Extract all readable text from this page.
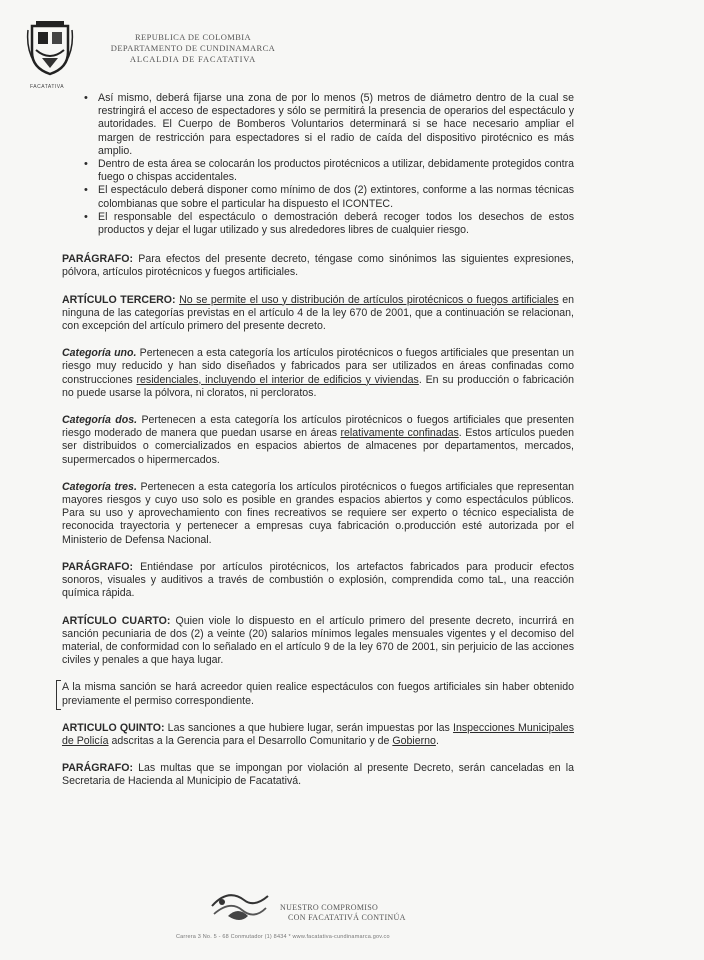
FACATATIVA
REPUBLICA DE COLOMBIA
DEPARTAMENTO DE CUNDINAMARCA
ALCALDIA DE FACATATIVA
• Así mismo, deberá fijarse una zona de por lo menos (5) metros de diámetro dentro de la cual se restringirá el acceso de espectadores y sólo se permitirá la presencia de operarios del espectáculo y autoridades. El Cuerpo de Bomberos Voluntarios determinará si se hace necesario ampliar el margen de restricción para espectadores si el radio de caída del dispositivo pirotécnico es más amplio.
• Dentro de esta área se colocarán los productos pirotécnicos a utilizar, debidamente protegidos contra fuego o chispas accidentales.
• El espectáculo deberá disponer como mínimo de dos (2) extintores, conforme a las normas técnicas colombianas que sobre el particular ha dispuesto el ICONTEC.
• El responsable del espectáculo o demostración deberá recoger todos los desechos de estos productos y dejar el lugar utilizado y sus alrededores libres de cualquier riesgo.

PARÁGRAFO: Para efectos del presente decreto, téngase como sinónimos las siguientes expresiones, pólvora, artículos pirotécnicos y fuegos artificiales.

ARTÍCULO TERCERO: No se permite el uso y distribución de artículos pirotécnicos o fuegos artificiales en ninguna de las categorías previstas en el artículo 4 de la ley 670 de 2001, que a continuación se relacionan, con excepción del artículo primero del presente decreto.

Categoría uno. Pertenecen a esta categoría los artículos pirotécnicos o fuegos artificiales que presentan un riesgo muy reducido y han sido diseñados y fabricados para ser utilizados en áreas confinadas como construcciones residenciales, incluyendo el interior de edificios y viviendas. En su producción o fabricación no puede usarse la pólvora, ni cloratos, ni percloratos.

Categoría dos. Pertenecen a esta categoría los artículos pirotécnicos o fuegos artificiales que presenten riesgo moderado de manera que puedan usarse en áreas relativamente confinadas. Estos artículos pueden ser distribuidos o comercializados en espacios abiertos de almacenes por departamentos, mercados, supermercados o hipermercados.

Categoría tres. Pertenecen a esta categoría los artículos pirotécnicos o fuegos artificiales que representan mayores riesgos y cuyo uso solo es posible en grandes espacios abiertos y como espectáculos públicos. Para su uso y aprovechamiento con fines recreativos se requiere ser experto o técnico especialista de reconocida trayectoria y pertenecer a empresas cuya fabricación o.producción esté autorizada por el Ministerio de Defensa Nacional.

PARÁGRAFO: Entiéndase por artículos pirotécnicos, los artefactos fabricados para producir efectos sonoros, visuales y auditivos a través de combustión o explosión, comprendida como taL, una reacción química rápida.

ARTÍCULO CUARTO: Quien viole lo dispuesto en el artículo primero del presente decreto, incurrirá en sanción pecuniaria de dos (2) a veinte (20) salarios mínimos legales mensuales vigentes y el decomiso del material, de conformidad con lo señalado en el artículo 9 de la ley 670 de 2001, sin perjuicio de las acciones civiles y penales a que haya lugar.

A la misma sanción se hará acreedor quien realice espectáculos con fuegos artificiales sin haber obtenido previamente el permiso correspondiente.

ARTICULO QUINTO: Las sanciones a que hubiere lugar, serán impuestas por las Inspecciones Municipales de Policía adscritas a la Gerencia para el Desarrollo Comunitario y de Gobierno.

PARÁGRAFO: Las multas que se impongan por violación al presente Decreto, serán canceladas en la Secretaria de Hacienda al Municipio de Facatativá.

NUESTRO COMPROMISO
CON FACATATIVÁ CONTINÚA
Carrera 3 No. 5 - 68 Conmutador (1) 8434 * www.facatativa-cundinamarca.gov.co
